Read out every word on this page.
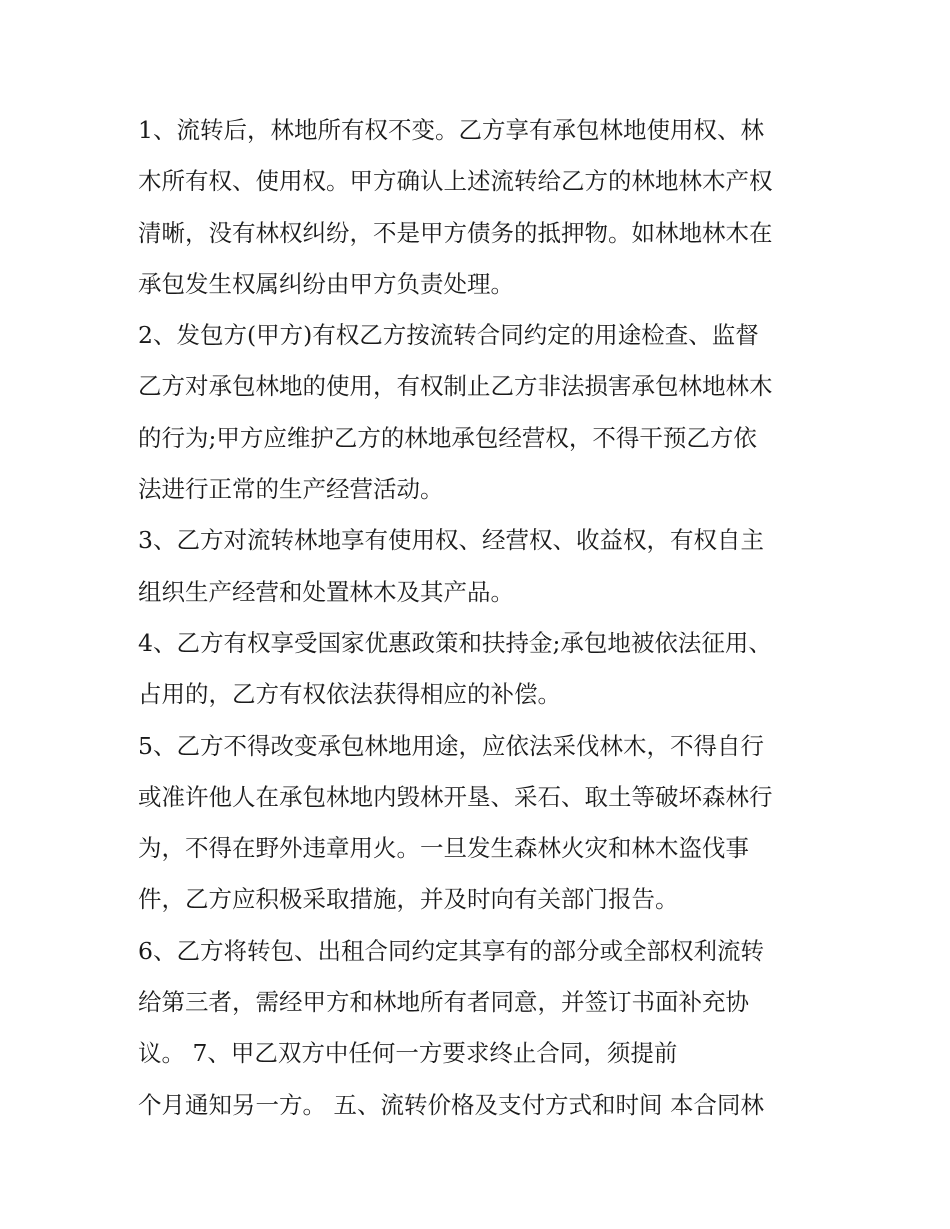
1、流转后，林地所有权不变。乙方享有承包林地使用权、林
木所有权、使用权。甲方确认上述流转给乙方的林地林木产权
清晰，没有林权纠纷，不是甲方债务的抵押物。如林地林木在
承包发生权属纠纷由甲方负责处理。
2、发包方(甲方)有权乙方按流转合同约定的用途检查、监督
乙方对承包林地的使用，有权制止乙方非法损害承包林地林木
的行为;甲方应维护乙方的林地承包经营权，不得干预乙方依
法进行正常的生产经营活动。
3、乙方对流转林地享有使用权、经营权、收益权，有权自主
组织生产经营和处置林木及其产品。
4、乙方有权享受国家优惠政策和扶持金;承包地被依法征用、
占用的，乙方有权依法获得相应的补偿。
5、乙方不得改变承包林地用途，应依法采伐林木，不得自行
或准许他人在承包林地内毁林开垦、采石、取土等破坏森林行
为，不得在野外违章用火。一旦发生森林火灾和林木盗伐事
件，乙方应积极采取措施，并及时向有关部门报告。
6、乙方将转包、出租合同约定其享有的部分或全部权利流转
给第三者，需经甲方和林地所有者同意，并签订书面补充协
议。 7、甲乙双方中任何一方要求终止合同，须提前
个月通知另一方。 五、流转价格及支付方式和时间 本合同林
